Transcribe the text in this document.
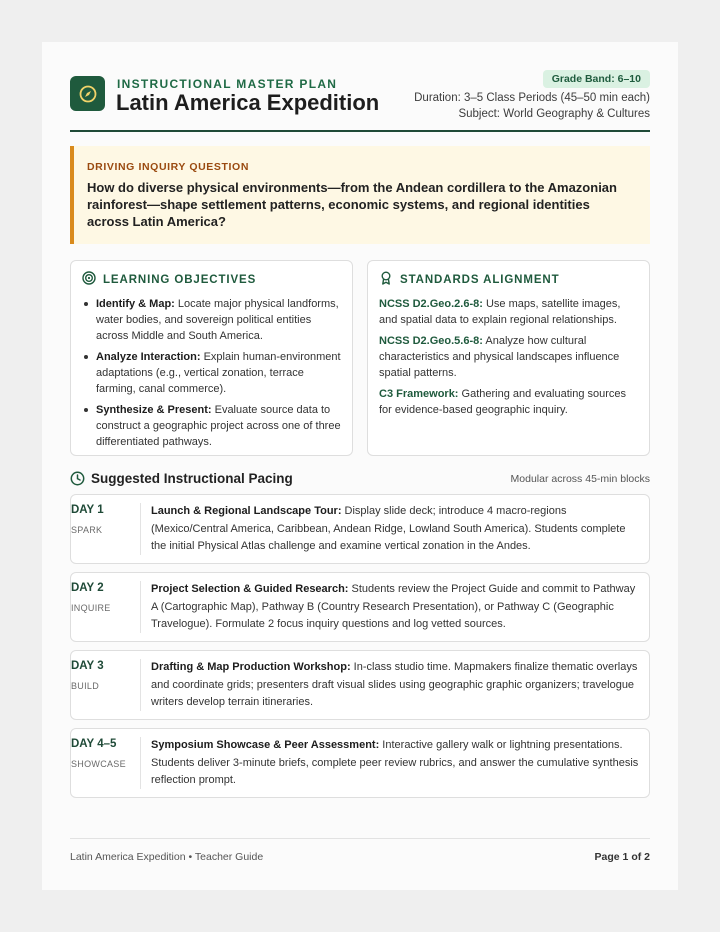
INSTRUCTIONAL MASTER PLAN
Latin America Expedition
Grade Band: 6–10
Duration: 3–5 Class Periods (45–50 min each)
Subject: World Geography & Cultures
DRIVING INQUIRY QUESTION
How do diverse physical environments—from the Andean cordillera to the Amazonian rainforest—shape settlement patterns, economic systems, and regional identities across Latin America?
LEARNING OBJECTIVES
Identify & Map: Locate major physical landforms, water bodies, and sovereign political entities across Middle and South America.
Analyze Interaction: Explain human-environment adaptations (e.g., vertical zonation, terrace farming, canal commerce).
Synthesize & Present: Evaluate source data to construct a geographic project across one of three differentiated pathways.
STANDARDS ALIGNMENT
NCSS D2.Geo.2.6-8: Use maps, satellite images, and spatial data to explain regional relationships.
NCSS D2.Geo.5.6-8: Analyze how cultural characteristics and physical landscapes influence spatial patterns.
C3 Framework: Gathering and evaluating sources for evidence-based geographic inquiry.
Suggested Instructional Pacing	Modular across 45-min blocks
DAY 1
SPARK
Launch & Regional Landscape Tour: Display slide deck; introduce 4 macro-regions (Mexico/Central America, Caribbean, Andean Ridge, Lowland South America). Students complete the initial Physical Atlas challenge and examine vertical zonation in the Andes.
DAY 2
INQUIRE
Project Selection & Guided Research: Students review the Project Guide and commit to Pathway A (Cartographic Map), Pathway B (Country Research Presentation), or Pathway C (Geographic Travelogue). Formulate 2 focus inquiry questions and log vetted sources.
DAY 3
BUILD
Drafting & Map Production Workshop: In-class studio time. Mapmakers finalize thematic overlays and coordinate grids; presenters draft visual slides using geographic graphic organizers; travelogue writers develop terrain itineraries.
DAY 4–5
SHOWCASE
Symposium Showcase & Peer Assessment: Interactive gallery walk or lightning presentations. Students deliver 3-minute briefs, complete peer review rubrics, and answer the cumulative synthesis reflection prompt.
Latin America Expedition • Teacher Guide	Page 1 of 2
